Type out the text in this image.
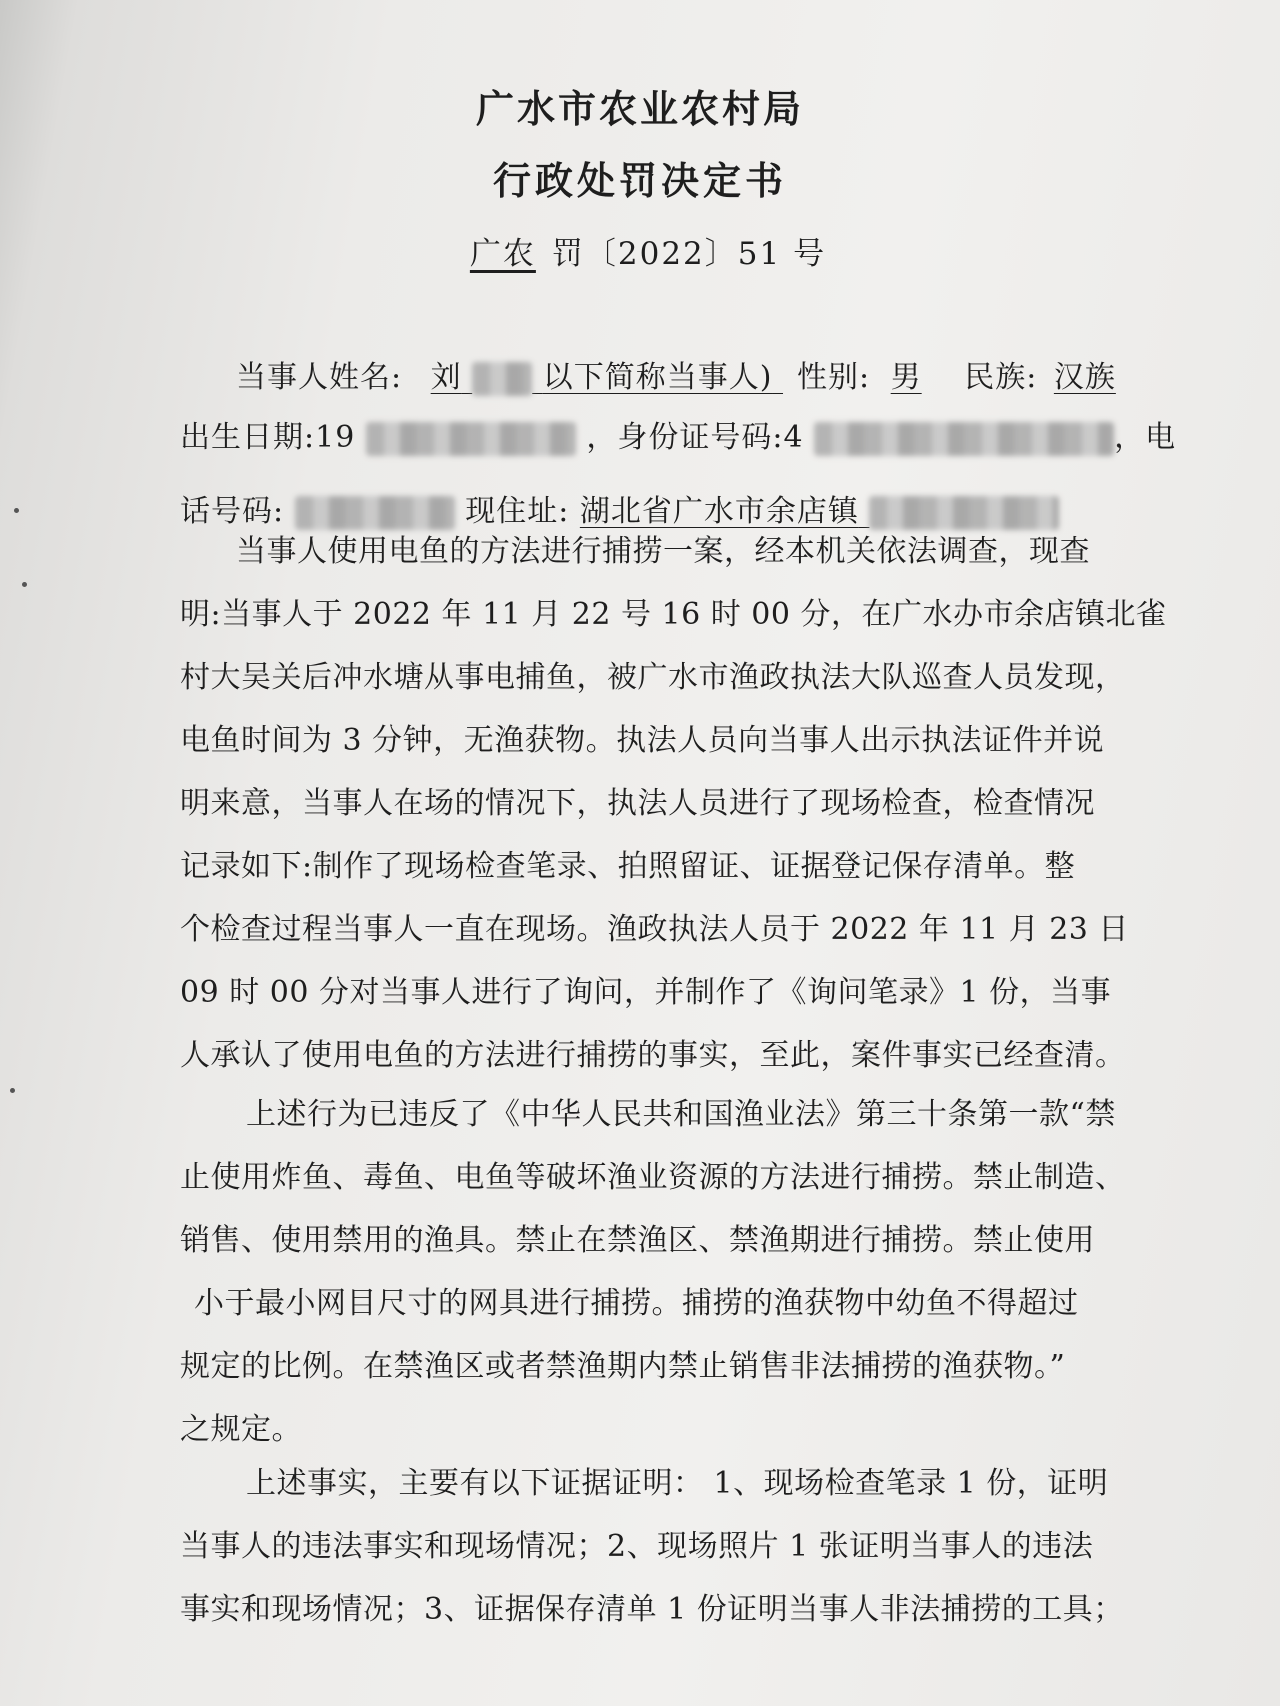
广水市农业农村局
行政处罚决定书
广农 罚〔2022〕51 号
当事人姓名: 刘	以下简称当事人) 性别: 男 民族: 汉族
出生日期:19	，身份证号码:4	，电
话号码:	现住址: 湖北省广水市余店镇
当事人使用电鱼的方法进行捕捞一案，经本机关依法调查，现查
明:当事人于 2022 年 11 月 22 号 16 时 00 分，在广水办市余店镇北雀
村大吴关后冲水塘从事电捕鱼，被广水市渔政执法大队巡查人员发现，
电鱼时间为 3 分钟，无渔获物。执法人员向当事人出示执法证件并说
明来意，当事人在场的情况下，执法人员进行了现场检查，检查情况
记录如下:制作了现场检查笔录、拍照留证、证据登记保存清单。整
个检查过程当事人一直在现场。渔政执法人员于 2022 年 11 月 23 日
09 时 00 分对当事人进行了询问，并制作了《询问笔录》1 份，当事
人承认了使用电鱼的方法进行捕捞的事实，至此，案件事实已经查清。
上述行为已违反了《中华人民共和国渔业法》第三十条第一款“禁
止使用炸鱼、毒鱼、电鱼等破坏渔业资源的方法进行捕捞。禁止制造、
销售、使用禁用的渔具。禁止在禁渔区、禁渔期进行捕捞。禁止使用
小于最小网目尺寸的网具进行捕捞。捕捞的渔获物中幼鱼不得超过
规定的比例。在禁渔区或者禁渔期内禁止销售非法捕捞的渔获物。”
之规定。
上述事实，主要有以下证据证明： 1、现场检查笔录 1 份，证明
当事人的违法事实和现场情况；2、现场照片 1 张证明当事人的违法
事实和现场情况；3、证据保存清单 1 份证明当事人非法捕捞的工具；
